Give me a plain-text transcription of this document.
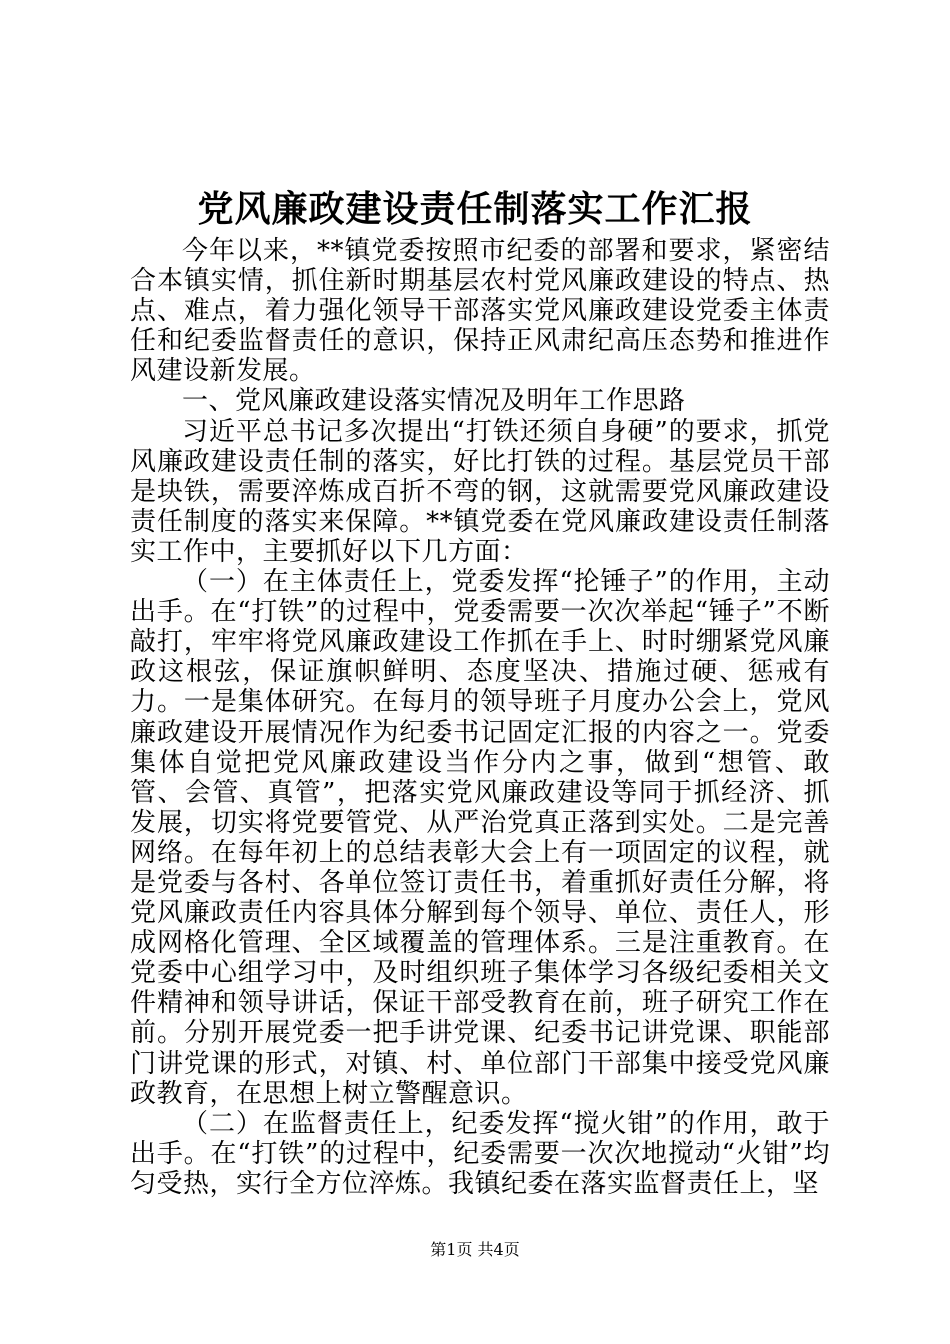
党风廉政建设责任制落实工作汇报

今年以来，**镇党委按照市纪委的部署和要求，紧密结合本镇实情，抓住新时期基层农村党风廉政建设的特点、热点、难点，着力强化领导干部落实党风廉政建设党委主体责任和纪委监督责任的意识，保持正风肃纪高压态势和推进作风建设新发展。

一、党风廉政建设落实情况及明年工作思路

习近平总书记多次提出“打铁还须自身硬”的要求，抓党风廉政建设责任制的落实，好比打铁的过程。基层党员干部是块铁，需要淬炼成百折不弯的钢，这就需要党风廉政建设责任制度的落实来保障。**镇党委在党风廉政建设责任制落实工作中，主要抓好以下几方面：

（一）在主体责任上，党委发挥“抡锤子”的作用，主动出手。在“打铁”的过程中，党委需要一次次举起“锤子”不断敲打，牢牢将党风廉政建设工作抓在手上、时时绷紧党风廉政这根弦，保证旗帜鲜明、态度坚决、措施过硬、惩戒有力。一是集体研究。在每月的领导班子月度办公会上，党风廉政建设开展情况作为纪委书记固定汇报的内容之一。党委集体自觉把党风廉政建设当作分内之事，做到“想管、敢管、会管、真管”，把落实党风廉政建设等同于抓经济、抓发展，切实将党要管党、从严治党真正落到实处。二是完善网络。在每年初上的总结表彰大会上有一项固定的议程，就是党委与各村、各单位签订责任书，着重抓好责任分解，将党风廉政责任内容具体分解到每个领导、单位、责任人，形成网格化管理、全区域覆盖的管理体系。三是注重教育。在党委中心组学习中，及时组织班子集体学习各级纪委相关文件精神和领导讲话，保证干部受教育在前，班子研究工作在前。分别开展党委一把手讲党课、纪委书记讲党课、职能部门讲党课的形式，对镇、村、单位部门干部集中接受党风廉政教育，在思想上树立警醒意识。

（二）在监督责任上，纪委发挥“搅火钳”的作用，敢于出手。在“打铁”的过程中，纪委需要一次次地搅动“火钳”均匀受热，实行全方位淬炼。我镇纪委在落实监督责任上，坚

第1页 共4页
